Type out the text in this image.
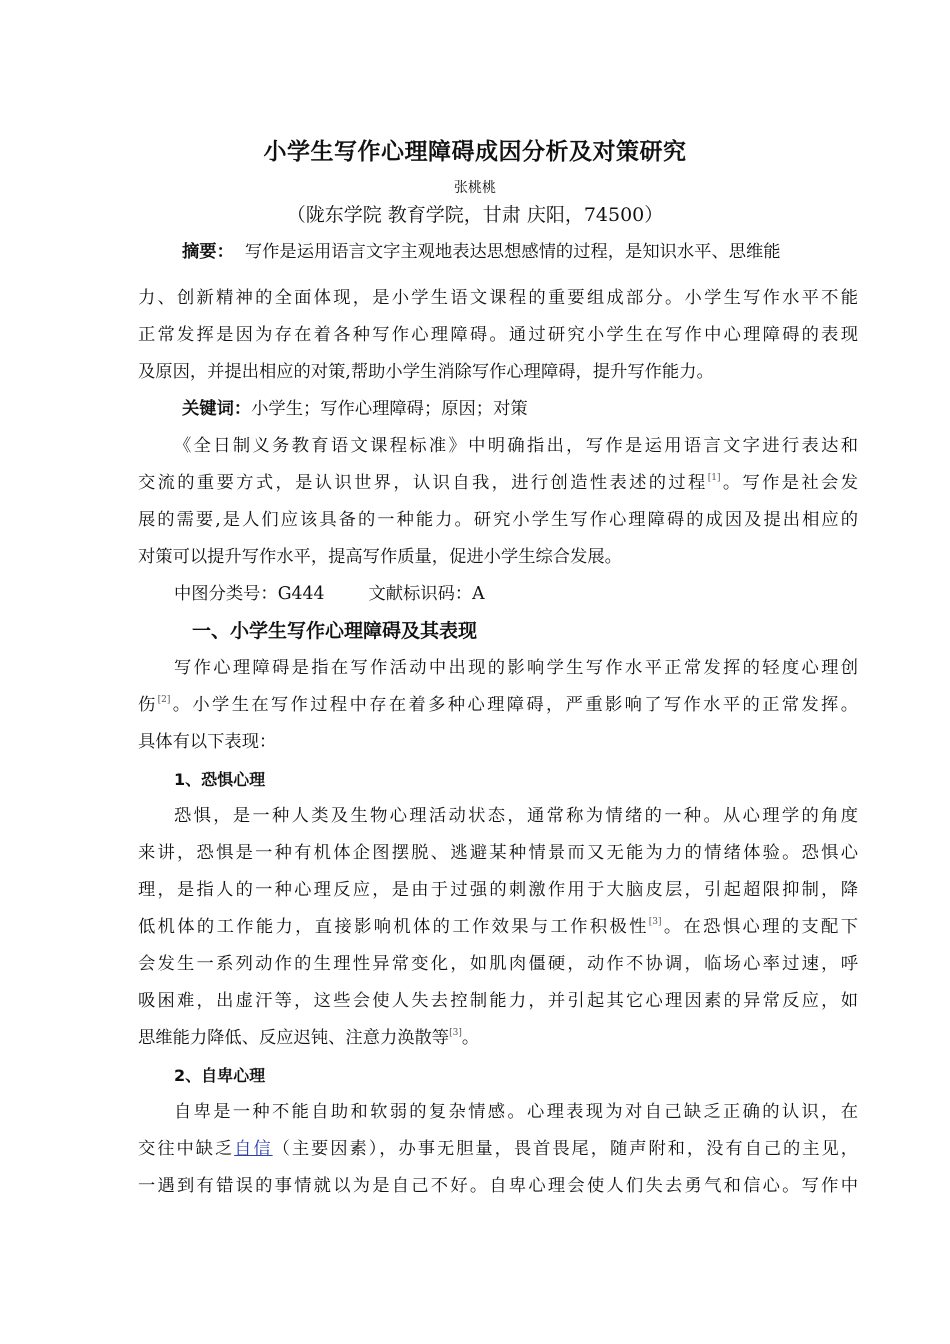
小学生写作心理障碍成因分析及对策研究
张桃桃
（陇东学院 教育学院，甘肃 庆阳，74500）
摘要： 写作是运用语言文字主观地表达思想感情的过程，是知识水平、思维能
力、创新精神的全面体现，是小学生语文课程的重要组成部分。小学生写作水平不能
正常发挥是因为存在着各种写作心理障碍。通过研究小学生在写作中心理障碍的表现
及原因，并提出相应的对策,帮助小学生消除写作心理障碍，提升写作能力。
关键词：小学生；写作心理障碍；原因；对策
《全日制义务教育语文课程标准》中明确指出，写作是运用语言文字进行表达和
交流的重要方式，是认识世界，认识自我，进行创造性表述的过程[1]。写作是社会发
展的需要,是人们应该具备的一种能力。研究小学生写作心理障碍的成因及提出相应的
对策可以提升写作水平，提高写作质量，促进小学生综合发展。
中图分类号：G444	文献标识码：A
一、小学生写作心理障碍及其表现
写作心理障碍是指在写作活动中出现的影响学生写作水平正常发挥的轻度心理创
伤[2]。小学生在写作过程中存在着多种心理障碍，严重影响了写作水平的正常发挥。
具体有以下表现：
1、恐惧心理
恐惧，是一种人类及生物心理活动状态，通常称为情绪的一种。从心理学的角度
来讲，恐惧是一种有机体企图摆脱、逃避某种情景而又无能为力的情绪体验。恐惧心
理，是指人的一种心理反应，是由于过强的刺激作用于大脑皮层，引起超限抑制，降
低机体的工作能力，直接影响机体的工作效果与工作积极性[3]。在恐惧心理的支配下
会发生一系列动作的生理性异常变化，如肌肉僵硬，动作不协调，临场心率过速，呼
吸困难，出虚汗等，这些会使人失去控制能力，并引起其它心理因素的异常反应，如
思维能力降低、反应迟钝、注意力涣散等[3]。
2、自卑心理
自卑是一种不能自助和软弱的复杂情感。心理表现为对自己缺乏正确的认识，在
交往中缺乏自信（主要因素），办事无胆量，畏首畏尾，随声附和，没有自己的主见，
一遇到有错误的事情就以为是自己不好。自卑心理会使人们失去勇气和信心。写作中
